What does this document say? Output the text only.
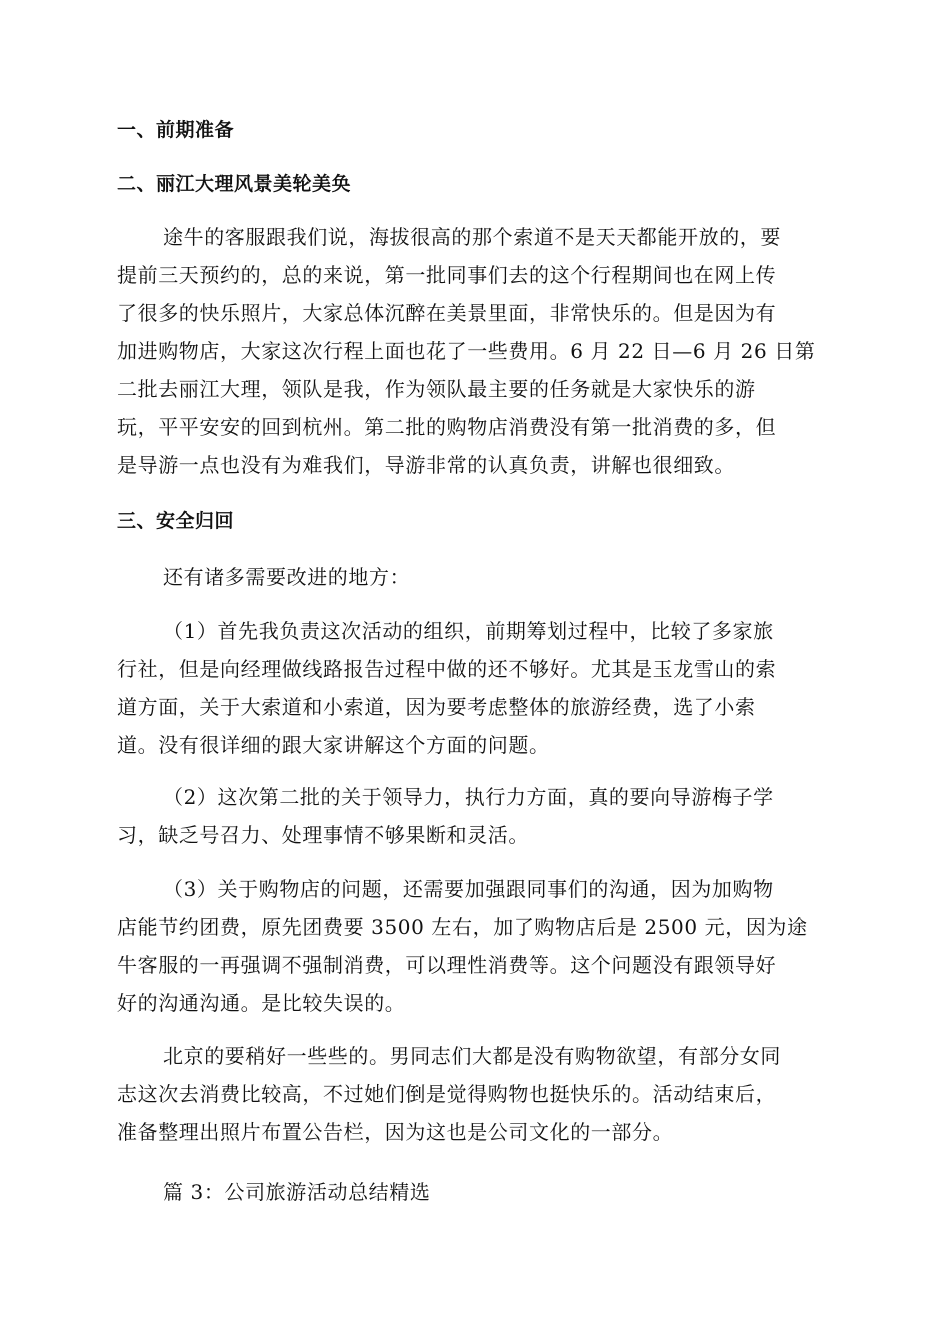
一、前期准备
二、丽江大理风景美轮美奂

途牛的客服跟我们说，海拔很高的那个索道不是天天都能开放的，要
提前三天预约的，总的来说，第一批同事们去的这个行程期间也在网上传
了很多的快乐照片，大家总体沉醉在美景里面，非常快乐的。但是因为有
加进购物店，大家这次行程上面也花了一些费用。6 月 22 日—6 月 26 日第
二批去丽江大理，领队是我，作为领队最主要的任务就是大家快乐的游
玩，平平安安的回到杭州。第二批的购物店消费没有第一批消费的多，但
是导游一点也没有为难我们，导游非常的认真负责，讲解也很细致。

三、安全归回

还有诸多需要改进的地方：

（1）首先我负责这次活动的组织，前期筹划过程中，比较了多家旅
行社，但是向经理做线路报告过程中做的还不够好。尤其是玉龙雪山的索
道方面，关于大索道和小索道，因为要考虑整体的旅游经费，选了小索
道。没有很详细的跟大家讲解这个方面的问题。

（2）这次第二批的关于领导力，执行力方面，真的要向导游梅子学
习，缺乏号召力、处理事情不够果断和灵活。

（3）关于购物店的问题，还需要加强跟同事们的沟通，因为加购物
店能节约团费，原先团费要 3500 左右，加了购物店后是 2500 元，因为途
牛客服的一再强调不强制消费，可以理性消费等。这个问题没有跟领导好
好的沟通沟通。是比较失误的。

北京的要稍好一些些的。男同志们大都是没有购物欲望，有部分女同
志这次去消费比较高，不过她们倒是觉得购物也挺快乐的。活动结束后，
准备整理出照片布置公告栏，因为这也是公司文化的一部分。

篇 3：公司旅游活动总结精选
